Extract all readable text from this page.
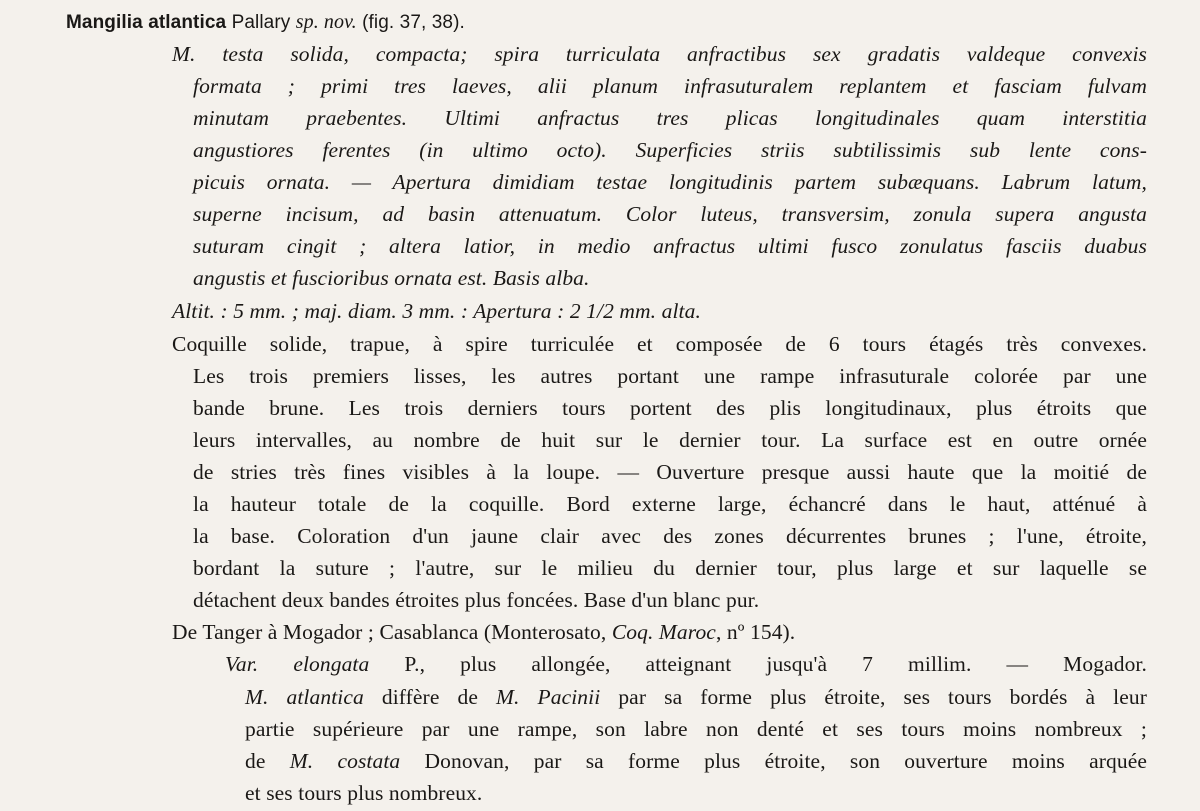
Mangilia atlantica Pallary sp. nov. (fig. 37, 38).
M. testa solida, compacta; spira turriculata anfractibus sex gradatis valdeque convexis
formata ; primi tres laeves, alii planum infrasuturalem replantem et fasciam fulvam
minutam praebentes. Ultimi anfractus tres plicas longitudinales quam interstitia
angustiores ferentes (in ultimo octo). Superficies striis subtilissimis sub lente cons-
picuis ornata. — Apertura dimidiam testae longitudinis partem subæquans. Labrum latum,
superne incisum, ad basin attenuatum. Color luteus, transversim, zonula supera angusta
suturam cingit ; altera latior, in medio anfractus ultimi fusco zonulatus fasciis duabus
angustis et fuscioribus ornata est. Basis alba.
Altit. : 5 mm. ; maj. diam. 3 mm. : Apertura : 2 1/2 mm. alta.
Coquille solide, trapue, à spire turriculée et composée de 6 tours étagés très convexes.
Les trois premiers lisses, les autres portant une rampe infrasuturale colorée par une
bande brune. Les trois derniers tours portent des plis longitudinaux, plus étroits que
leurs intervalles, au nombre de huit sur le dernier tour. La surface est en outre ornée
de stries très fines visibles à la loupe. — Ouverture presque aussi haute que la moitié de
la hauteur totale de la coquille. Bord externe large, échancré dans le haut, atténué à
la base. Coloration d'un jaune clair avec des zones décurrentes brunes ; l'une, étroite,
bordant la suture ; l'autre, sur le milieu du dernier tour, plus large et sur laquelle se
détachent deux bandes étroites plus foncées. Base d'un blanc pur.
De Tanger à Mogador ; Casablanca (Monterosato, Coq. Maroc, nº 154).
Var. elongata P., plus allongée, atteignant jusqu'à 7 millim. — Mogador.
M. atlantica diffère de M. Pacinii par sa forme plus étroite, ses tours bordés à leur
partie supérieure par une rampe, son labre non denté et ses tours moins nombreux ;
de M. costata Donovan, par sa forme plus étroite, son ouverture moins arquée
et ses tours plus nombreux.
